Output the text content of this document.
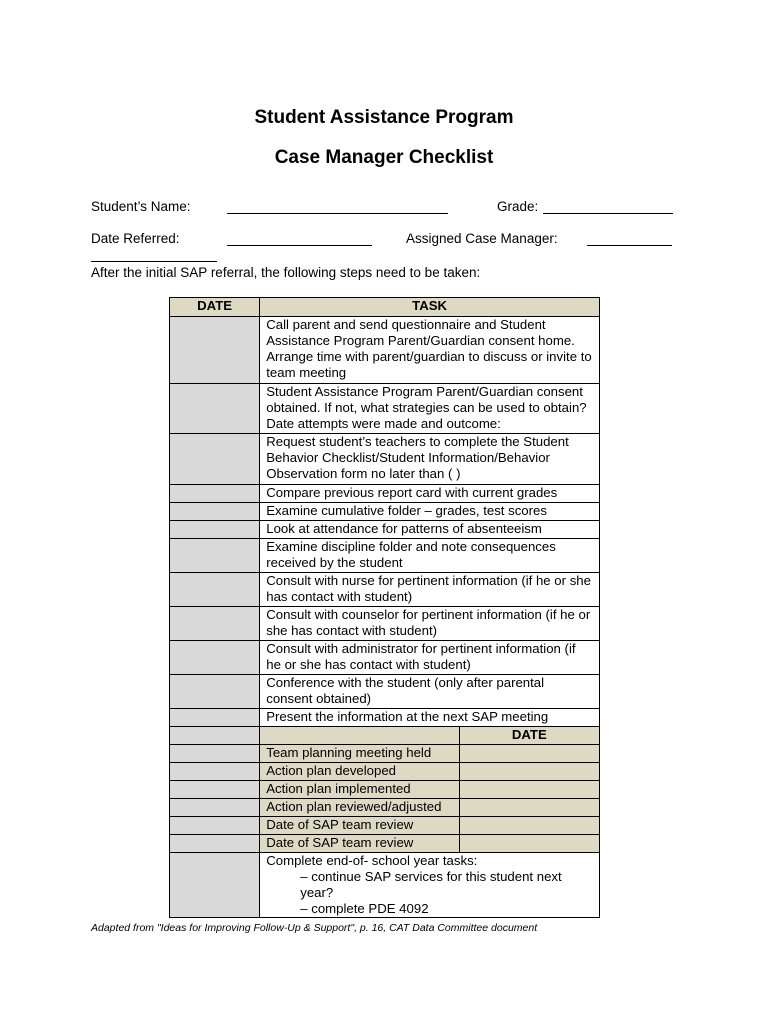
Student Assistance Program
Case Manager Checklist
Student’s Name:	Grade:
Date Referred:	Assigned Case Manager:
After the initial SAP referral, the following steps need to be taken:
DATE	TASK	
	Call parent and send questionnaire and Student Assistance Program Parent/Guardian consent home. Arrange time with parent/guardian to discuss or invite to team meeting	
	Student Assistance Program Parent/Guardian consent obtained. If not, what strategies can be used to obtain? Date attempts were made and outcome:	
	Request student’s teachers to complete the Student Behavior Checklist/Student Information/Behavior Observation form no later than ( )	
	Compare previous report card with current grades	
	Examine cumulative folder – grades, test scores	
	Look at attendance for patterns of absenteeism	
	Examine discipline folder and note consequences received by the student	
	Consult with nurse for pertinent information (if he or she has contact with student)	
	Consult with counselor for pertinent information (if he or she has contact with student)	
	Consult with administrator for pertinent information (if he or she has contact with student)	
	Conference with the student (only after parental consent obtained)	
	Present the information at the next SAP meeting	
		DATE
	Team planning meeting held	
	Action plan developed	
	Action plan implemented	
	Action plan reviewed/adjusted	
	Date of SAP team review	
	Date of SAP team review	
	Complete end-of- school year tasks:
– continue SAP services for this student next year?
– complete PDE 4092	
Adapted from "Ideas for Improving Follow-Up & Support", p. 16, CAT Data Committee document
